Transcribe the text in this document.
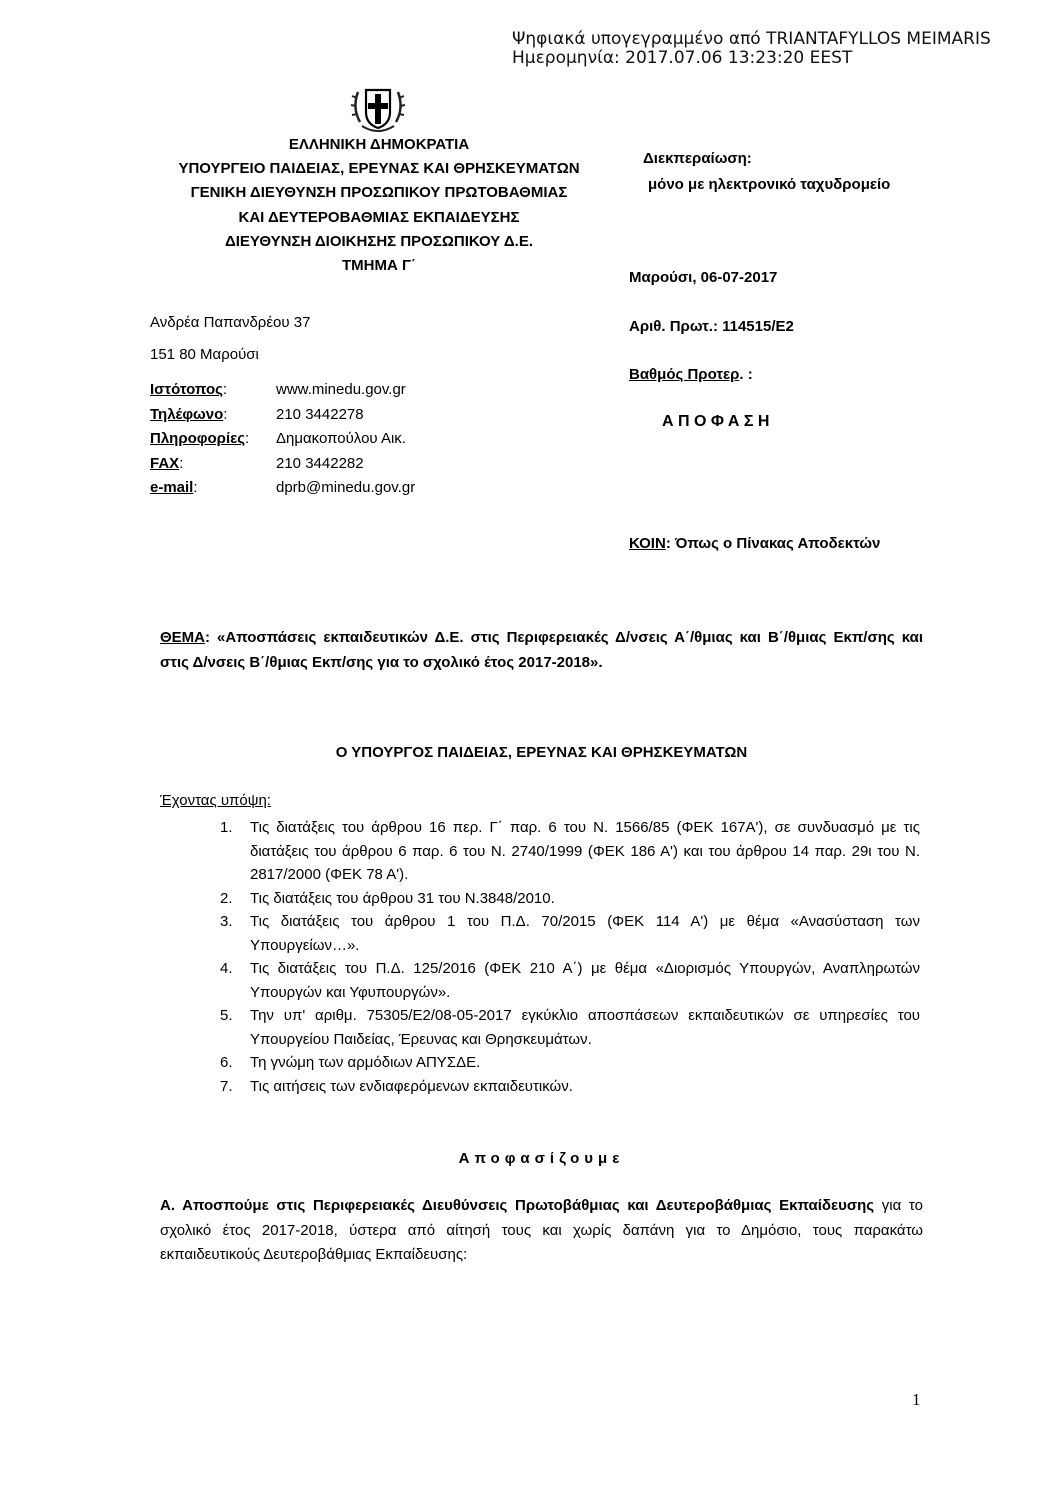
Ψηφιακά υπογεγραμμένο από TRIANTAFYLLOS MEIMARIS
Ημερομηνία: 2017.07.06 13:23:20 EEST
ΕΛΛΗΝΙΚΗ ΔΗΜΟΚΡΑΤΙΑ
ΥΠΟΥΡΓΕΙΟ ΠΑΙΔΕΙΑΣ, ΕΡΕΥΝΑΣ ΚΑΙ ΘΡΗΣΚΕΥΜΑΤΩΝ
ΓΕΝΙΚΗ ΔΙΕΥΘΥΝΣΗ ΠΡΟΣΩΠΙΚΟΥ ΠΡΩΤΟΒΑΘΜΙΑΣ
ΚΑΙ ΔΕΥΤΕΡΟΒΑΘΜΙΑΣ ΕΚΠΑΙΔΕΥΣΗΣ
ΔΙΕΥΘΥΝΣΗ ΔΙΟΙΚΗΣΗΣ ΠΡΟΣΩΠΙΚΟΥ Δ.Ε.
ΤΜΗΜΑ Γ΄
Διεκπεραίωση:
μόνο με ηλεκτρονικό ταχυδρομείο
Μαρούσι, 06-07-2017
Αριθ. Πρωτ.: 114515/Ε2
Βαθμός Προτερ. :
Α Π Ο Φ Α Σ Η
ΚΟΙΝ: Όπως ο Πίνακας Αποδεκτών
Ανδρέα Παπανδρέου 37
151 80 Μαρούσι
Ιστότοπος:	www.minedu.gov.gr
Τηλέφωνο:	210 3442278
Πληροφορίες: Δημακοπούλου Αικ.
FAX:	210 3442282
e-mail:	dprb@minedu.gov.gr
ΘΕΜΑ: «Αποσπάσεις εκπαιδευτικών Δ.Ε. στις Περιφερειακές Δ/νσεις Α΄/θμιας και Β΄/θμιας Εκπ/σης και στις Δ/νσεις Β΄/θμιας Εκπ/σης για το σχολικό έτος 2017-2018».
Ο ΥΠΟΥΡΓΟΣ ΠΑΙΔΕΙΑΣ, ΕΡΕΥΝΑΣ ΚΑΙ ΘΡΗΣΚΕΥΜΑΤΩΝ
Έχοντας υπόψη:
1. Τις διατάξεις του άρθρου 16 περ. Γ΄ παρ. 6 του Ν. 1566/85 (ΦΕΚ 167Α'), σε συνδυασμό με τις διατάξεις του άρθρου 6 παρ. 6 του Ν. 2740/1999 (ΦΕΚ 186 Α') και του άρθρου 14 παρ. 29ι του Ν. 2817/2000 (ΦΕΚ 78 Α').
2. Τις διατάξεις του άρθρου 31 του Ν.3848/2010.
3. Τις διατάξεις του άρθρου 1 του Π.Δ. 70/2015 (ΦΕΚ 114 Α') με θέμα «Ανασύσταση των Υπουργείων…».
4. Τις διατάξεις του Π.Δ. 125/2016 (ΦΕΚ 210 Α΄) με θέμα «Διορισμός Υπουργών, Αναπληρωτών Υπουργών και Υφυπουργών».
5. Την υπ' αριθμ. 75305/Ε2/08-05-2017 εγκύκλιο αποσπάσεων εκπαιδευτικών σε υπηρεσίες του Υπουργείου Παιδείας, Έρευνας και Θρησκευμάτων.
6. Τη γνώμη των αρμόδιων ΑΠΥΣΔΕ.
7. Τις αιτήσεις των ενδιαφερόμενων εκπαιδευτικών.
Αποφασίζουμε
Α. Αποσπούμε στις Περιφερειακές Διευθύνσεις Πρωτοβάθμιας και Δευτεροβάθμιας Εκπαίδευσης για το σχολικό έτος 2017-2018, ύστερα από αίτησή τους και χωρίς δαπάνη για το Δημόσιο, τους παρακάτω εκπαιδευτικούς Δευτεροβάθμιας Εκπαίδευσης:
1
